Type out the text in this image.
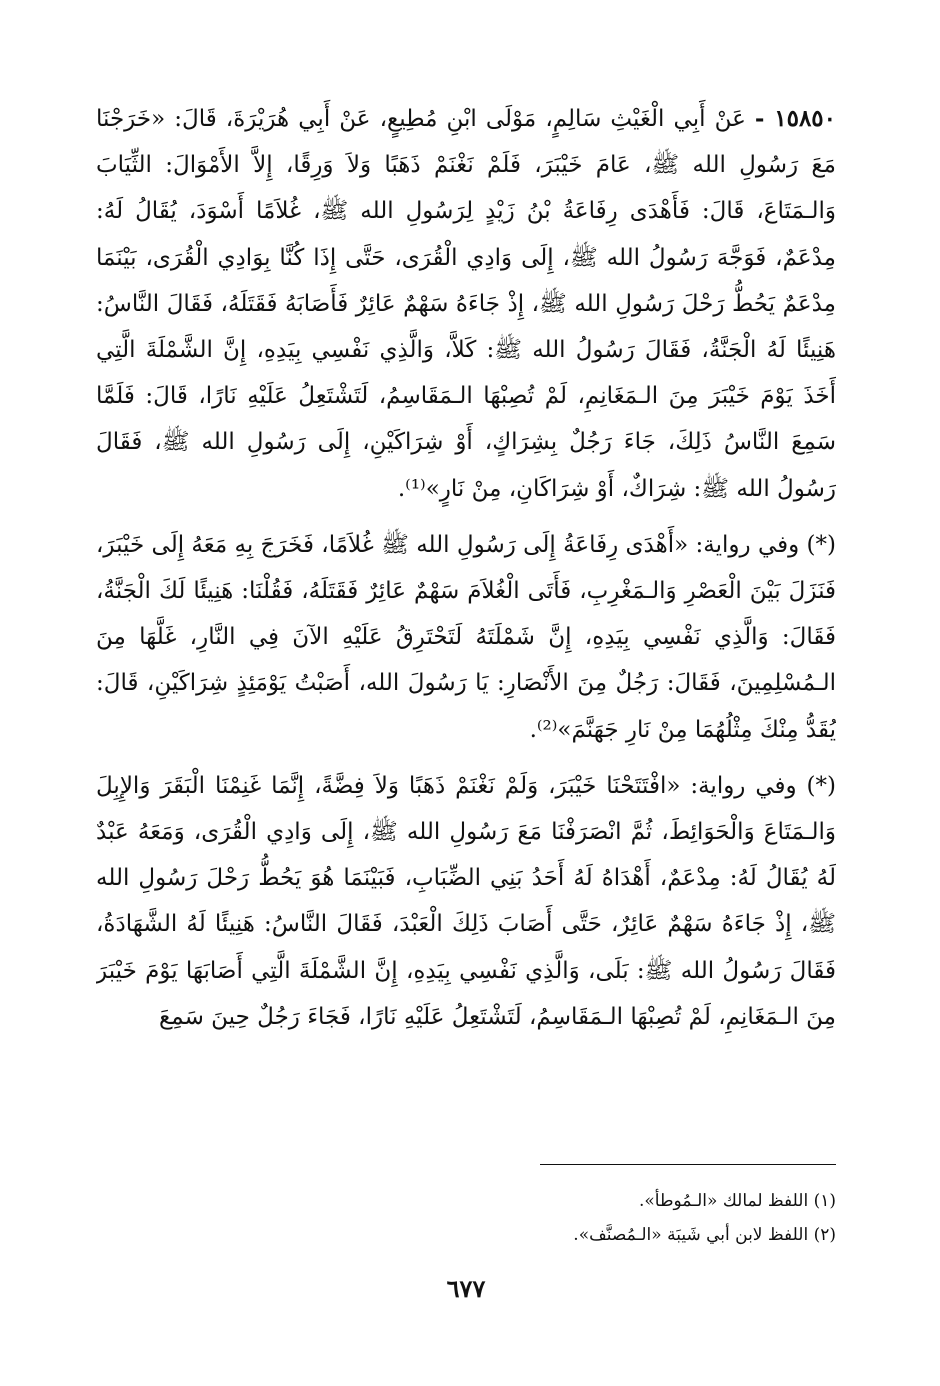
١٥٨٥٠ - عَنْ أَبِي الْغَيْثِ سَالِمٍ، مَوْلَى ابْنِ مُطِيعٍ، عَنْ أَبِي هُرَيْرَةَ، قَالَ: «خَرَجْنَا مَعَ رَسُولِ الله ﷺ، عَامَ خَيْبَرَ، فَلَمْ نَغْنَمْ ذَهَبًا وَلاَ وَرِقًا، إِلاَّ الأَمْوَالَ: الثِّيَابَ وَالـمَتَاعَ، قَالَ: فَأَهْدَى رِفَاعَةُ بْنُ زَيْدٍ لِرَسُولِ الله ﷺ، غُلاَمًا أَسْوَدَ، يُقَالُ لَهُ: مِدْعَمٌ، فَوَجَّهَ رَسُولُ الله ﷺ، إِلَى وَادِي الْقُرَى، حَتَّى إِذَا كُنَّا بِوَادِي الْقُرَى، بَيْنَمَا مِدْعَمٌ يَحُطُّ رَحْلَ رَسُولِ الله ﷺ، إِذْ جَاءَهُ سَهْمٌ عَائِرٌ فَأَصَابَهُ فَقَتَلَهُ، فَقَالَ النَّاسُ: هَنِيئًا لَهُ الْجَنَّةُ، فَقَالَ رَسُولُ الله ﷺ: كَلاَّ، وَالَّذِي نَفْسِي بِيَدِهِ، إِنَّ الشَّمْلَةَ الَّتِي أَخَذَ يَوْمَ خَيْبَرَ مِنَ الـمَغَانِمِ، لَمْ تُصِبْهَا الـمَقَاسِمُ، لَتَشْتَعِلُ عَلَيْهِ نَارًا، قَالَ: فَلَمَّا سَمِعَ النَّاسُ ذَلِكَ، جَاءَ رَجُلٌ بِشِرَاكٍ، أَوْ شِرَاكَيْنِ، إِلَى رَسُولِ الله ﷺ، فَقَالَ رَسُولُ الله ﷺ: شِرَاكٌ، أَوْ شِرَاكَانِ، مِنْ نَارٍ»⁽¹⁾.

(*) وفي رواية: «أَهْدَى رِفَاعَةُ إِلَى رَسُولِ الله ﷺ غُلاَمًا، فَخَرَجَ بِهِ مَعَهُ إِلَى خَيْبَرَ، فَنَزَلَ بَيْنَ الْعَصْرِ وَالـمَغْرِبِ، فَأَتَى الْغُلاَمَ سَهْمٌ عَائِرٌ فَقَتَلَهُ، فَقُلْنَا: هَنِيئًا لَكَ الْجَنَّةُ، فَقَالَ: وَالَّذِي نَفْسِي بِيَدِهِ، إِنَّ شَمْلَتَهُ لَتَحْتَرِقُ عَلَيْهِ الآنَ فِي النَّارِ، غَلَّهَا مِنَ الـمُسْلِمِينَ، فَقَالَ: رَجُلٌ مِنَ الأَنْصَارِ: يَا رَسُولَ الله، أَصَبْتُ يَوْمَئِذٍ شِرَاكَيْنِ، قَالَ: يُقَدُّ مِنْكَ مِثْلُهُمَا مِنْ نَارِ جَهَنَّمَ»⁽²⁾.

(*) وفي رواية: «افْتَتَحْنَا خَيْبَرَ، وَلَمْ نَغْنَمْ ذَهَبًا وَلاَ فِضَّةً، إِنَّمَا غَنِمْنَا الْبَقَرَ وَالإِبِلَ وَالـمَتَاعَ وَالْحَوَائِطَ، ثُمَّ انْصَرَفْنَا مَعَ رَسُولِ الله ﷺ، إِلَى وَادِي الْقُرَى، وَمَعَهُ عَبْدٌ لَهُ يُقَالُ لَهُ: مِدْعَمٌ، أَهْدَاهُ لَهُ أَحَدُ بَنِي الضِّبَابِ، فَبَيْنَمَا هُوَ يَحُطُّ رَحْلَ رَسُولِ الله ﷺ، إِذْ جَاءَهُ سَهْمٌ عَائِرٌ، حَتَّى أَصَابَ ذَلِكَ الْعَبْدَ، فَقَالَ النَّاسُ: هَنِيئًا لَهُ الشَّهَادَةُ، فَقَالَ رَسُولُ الله ﷺ: بَلَى، وَالَّذِي نَفْسِي بِيَدِهِ، إِنَّ الشَّمْلَةَ الَّتِي أَصَابَهَا يَوْمَ خَيْبَرَ مِنَ الـمَغَانِمِ، لَمْ تُصِبْهَا الـمَقَاسِمُ، لَتَشْتَعِلُ عَلَيْهِ نَارًا، فَجَاءَ رَجُلٌ حِينَ سَمِعَ

(١) اللفظ لمالك «الـمُوطأ».

(٢) اللفظ لابن أبي شَيبَة «الـمُصنَّف».

٦٧٧
